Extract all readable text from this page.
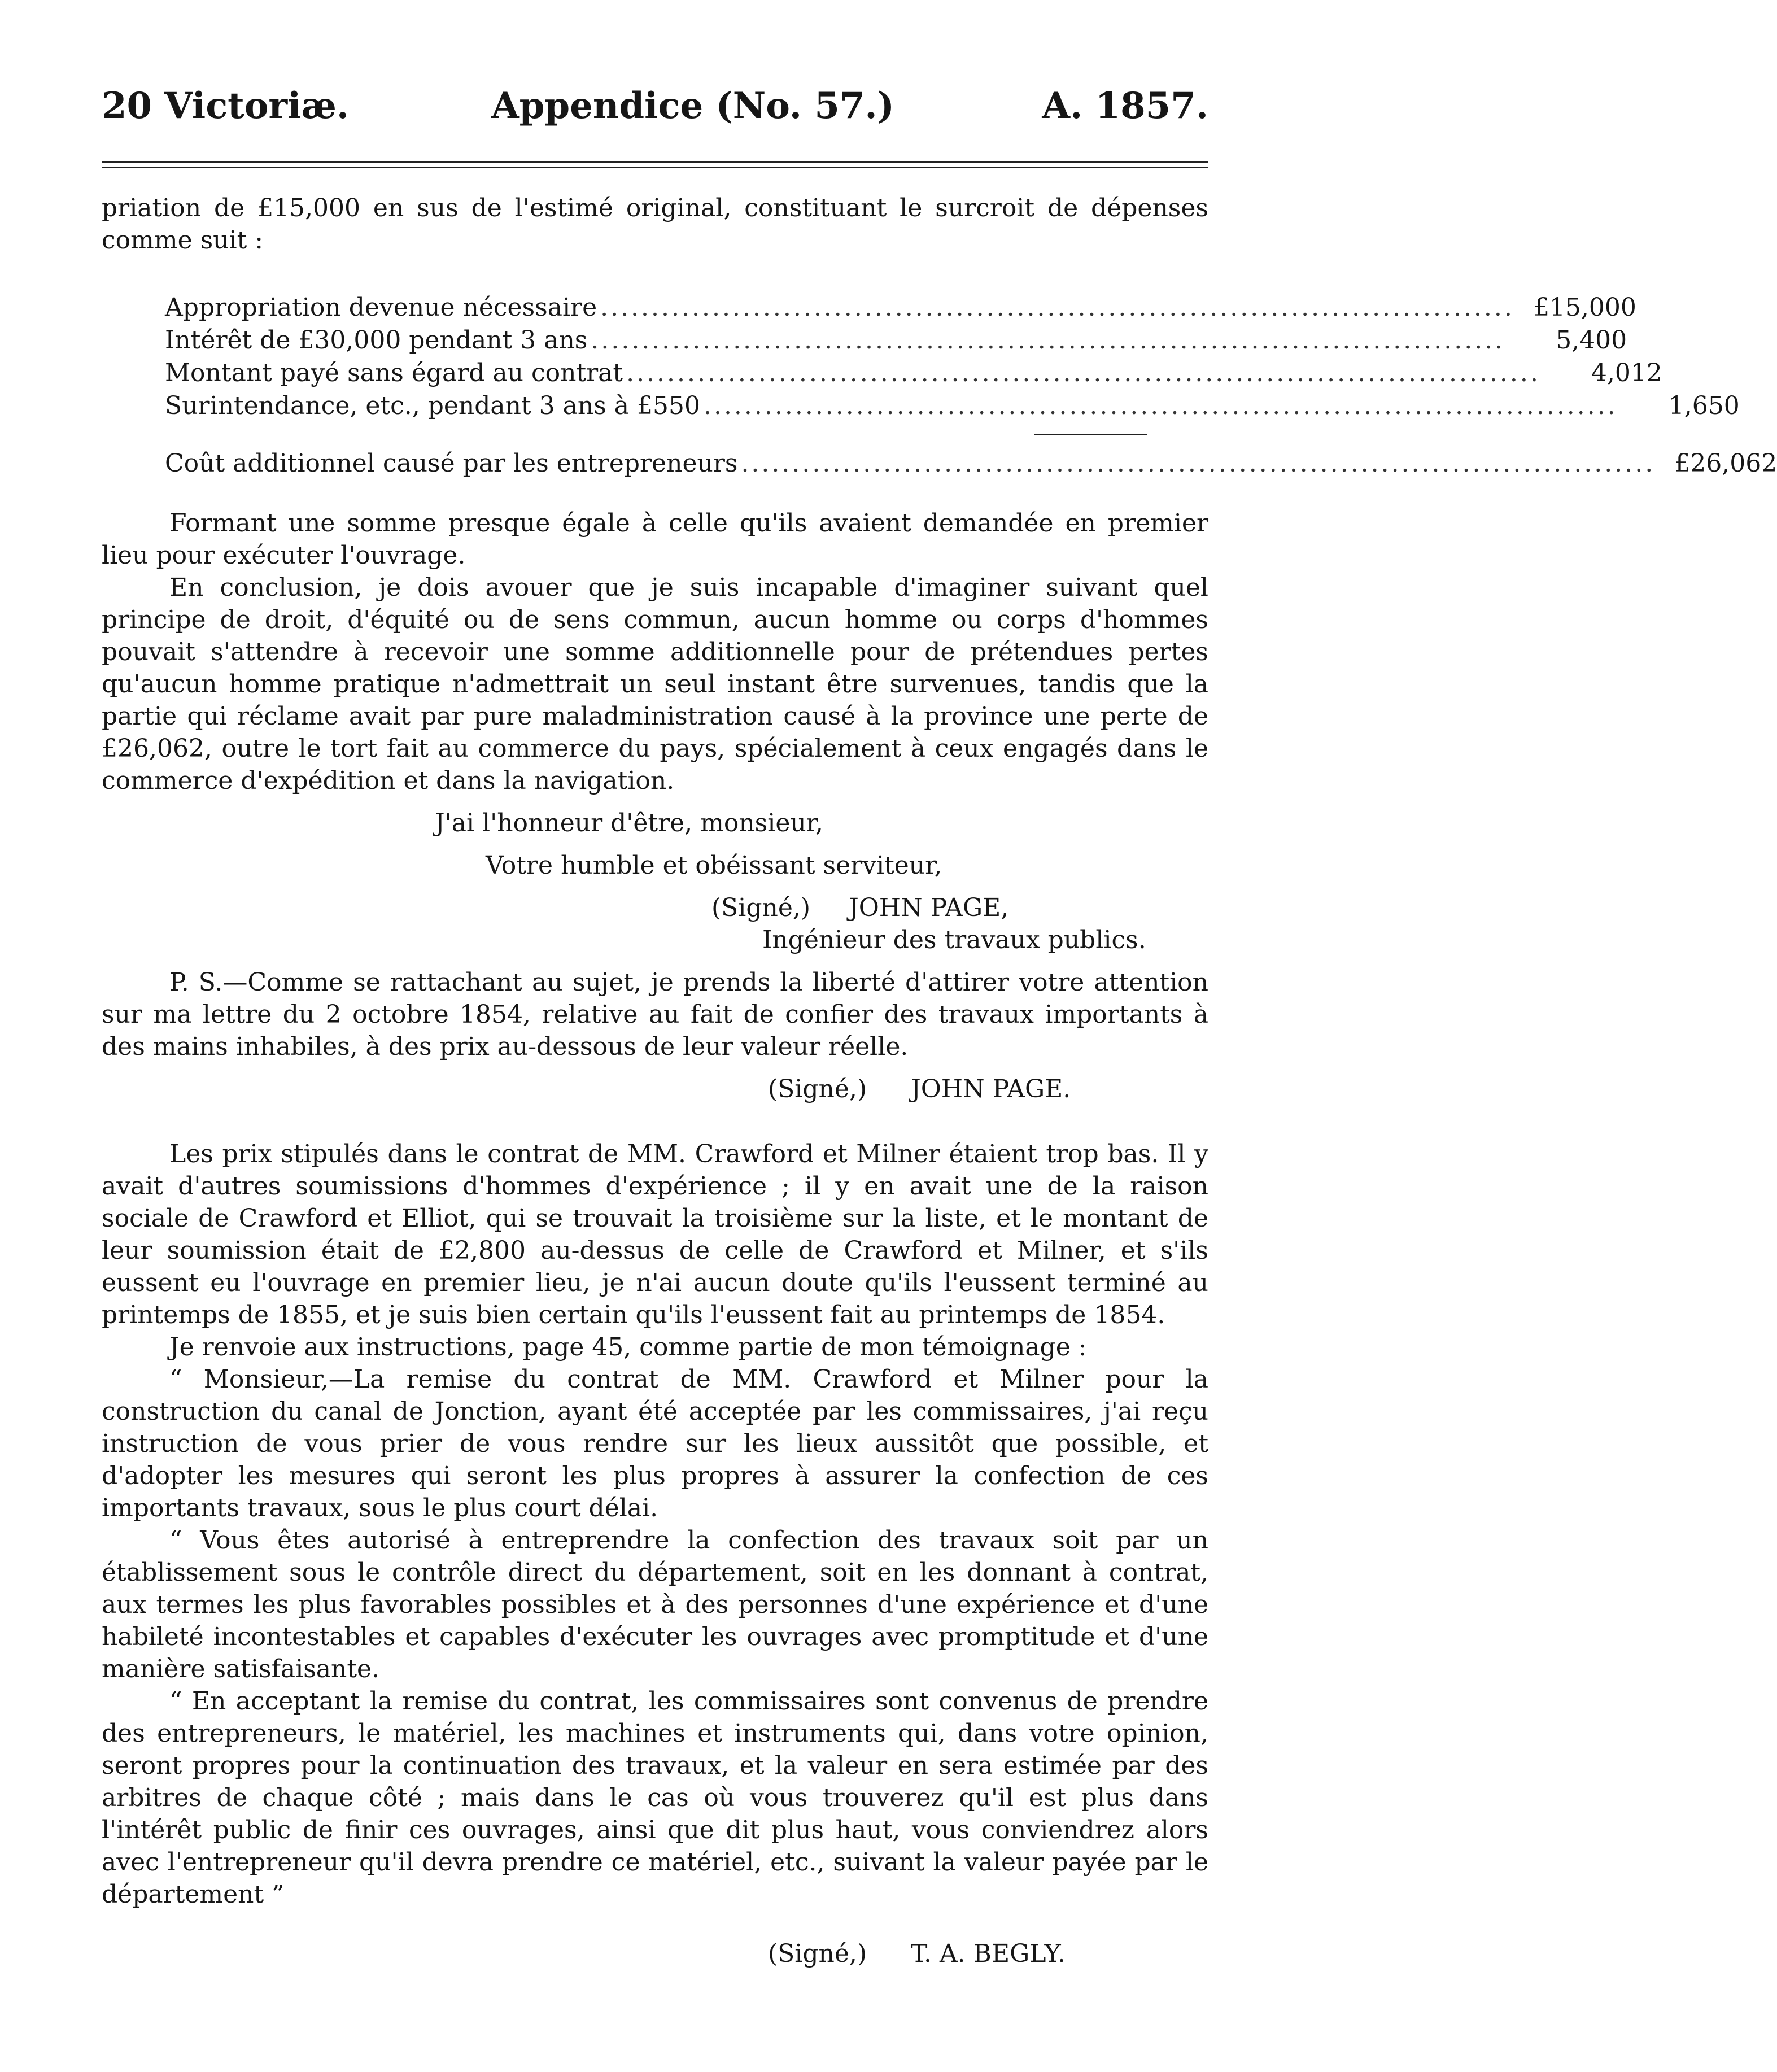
20 Victoriæ.	Appendice (No. 57.)	A. 1857.

priation de £15,000 en sus de l'estimé original, constituant le surcroit de dépenses comme suit :

Appropriation devenue nécessaire .......................................................................................... £15,000
Intérêt de £30,000 pendant 3 ans ..........................................................................................	5,400
Montant payé sans égard au contrat ..........................................................................................	4,012
Surintendance, etc., pendant 3 ans à £550 ..........................................................................................	1,650
Coût additionnel causé par les entrepreneurs .......................................................................................... £26,062

Formant une somme presque égale à celle qu'ils avaient demandée en premier lieu pour exécuter l'ouvrage.

En conclusion, je dois avouer que je suis incapable d'imaginer suivant quel principe de droit, d'équité ou de sens commun, aucun homme ou corps d'hommes pouvait s'attendre à recevoir une somme additionnelle pour de prétendues pertes qu'aucun homme pratique n'admettrait un seul instant être survenues, tandis que la partie qui réclame avait par pure maladministration causé à la province une perte de £26,062, outre le tort fait au commerce du pays, spécialement à ceux engagés dans le commerce d'expédition et dans la navigation.

J'ai l'honneur d'être, monsieur,
Votre humble et obéissant serviteur,
(Signé,) JOHN PAGE,
Ingénieur des travaux publics.

P. S.—Comme se rattachant au sujet, je prends la liberté d'attirer votre attention sur ma lettre du 2 octobre 1854, relative au fait de confier des travaux importants à des mains inhabiles, à des prix au-dessous de leur valeur réelle.

(Signé,) JOHN PAGE.

Les prix stipulés dans le contrat de MM. Crawford et Milner étaient trop bas. Il y avait d'autres soumissions d'hommes d'expérience ; il y en avait une de la raison sociale de Crawford et Elliot, qui se trouvait la troisième sur la liste, et le montant de leur soumission était de £2,800 au-dessus de celle de Crawford et Milner, et s'ils eussent eu l'ouvrage en premier lieu, je n'ai aucun doute qu'ils l'eussent terminé au printemps de 1855, et je suis bien certain qu'ils l'eussent fait au printemps de 1854.

Je renvoie aux instructions, page 45, comme partie de mon témoignage :

“ Monsieur,—La remise du contrat de MM. Crawford et Milner pour la construction du canal de Jonction, ayant été acceptée par les commissaires, j'ai reçu instruction de vous prier de vous rendre sur les lieux aussitôt que possible, et d'adopter les mesures qui seront les plus propres à assurer la confection de ces importants travaux, sous le plus court délai.

“ Vous êtes autorisé à entreprendre la confection des travaux soit par un établissement sous le contrôle direct du département, soit en les donnant à contrat, aux termes les plus favorables possibles et à des personnes d'une expérience et d'une habileté incontestables et capables d'exécuter les ouvrages avec promptitude et d'une manière satisfaisante.

“ En acceptant la remise du contrat, les commissaires sont convenus de prendre des entrepreneurs, le matériel, les machines et instruments qui, dans votre opinion, seront propres pour la continuation des travaux, et la valeur en sera estimée par des arbitres de chaque côté ; mais dans le cas où vous trouverez qu'il est plus dans l'intérêt public de finir ces ouvrages, ainsi que dit plus haut, vous conviendrez alors avec l'entrepreneur qu'il devra prendre ce matériel, etc., suivant la valeur payée par le département ”

(Signé,) T. A. BEGLY.
